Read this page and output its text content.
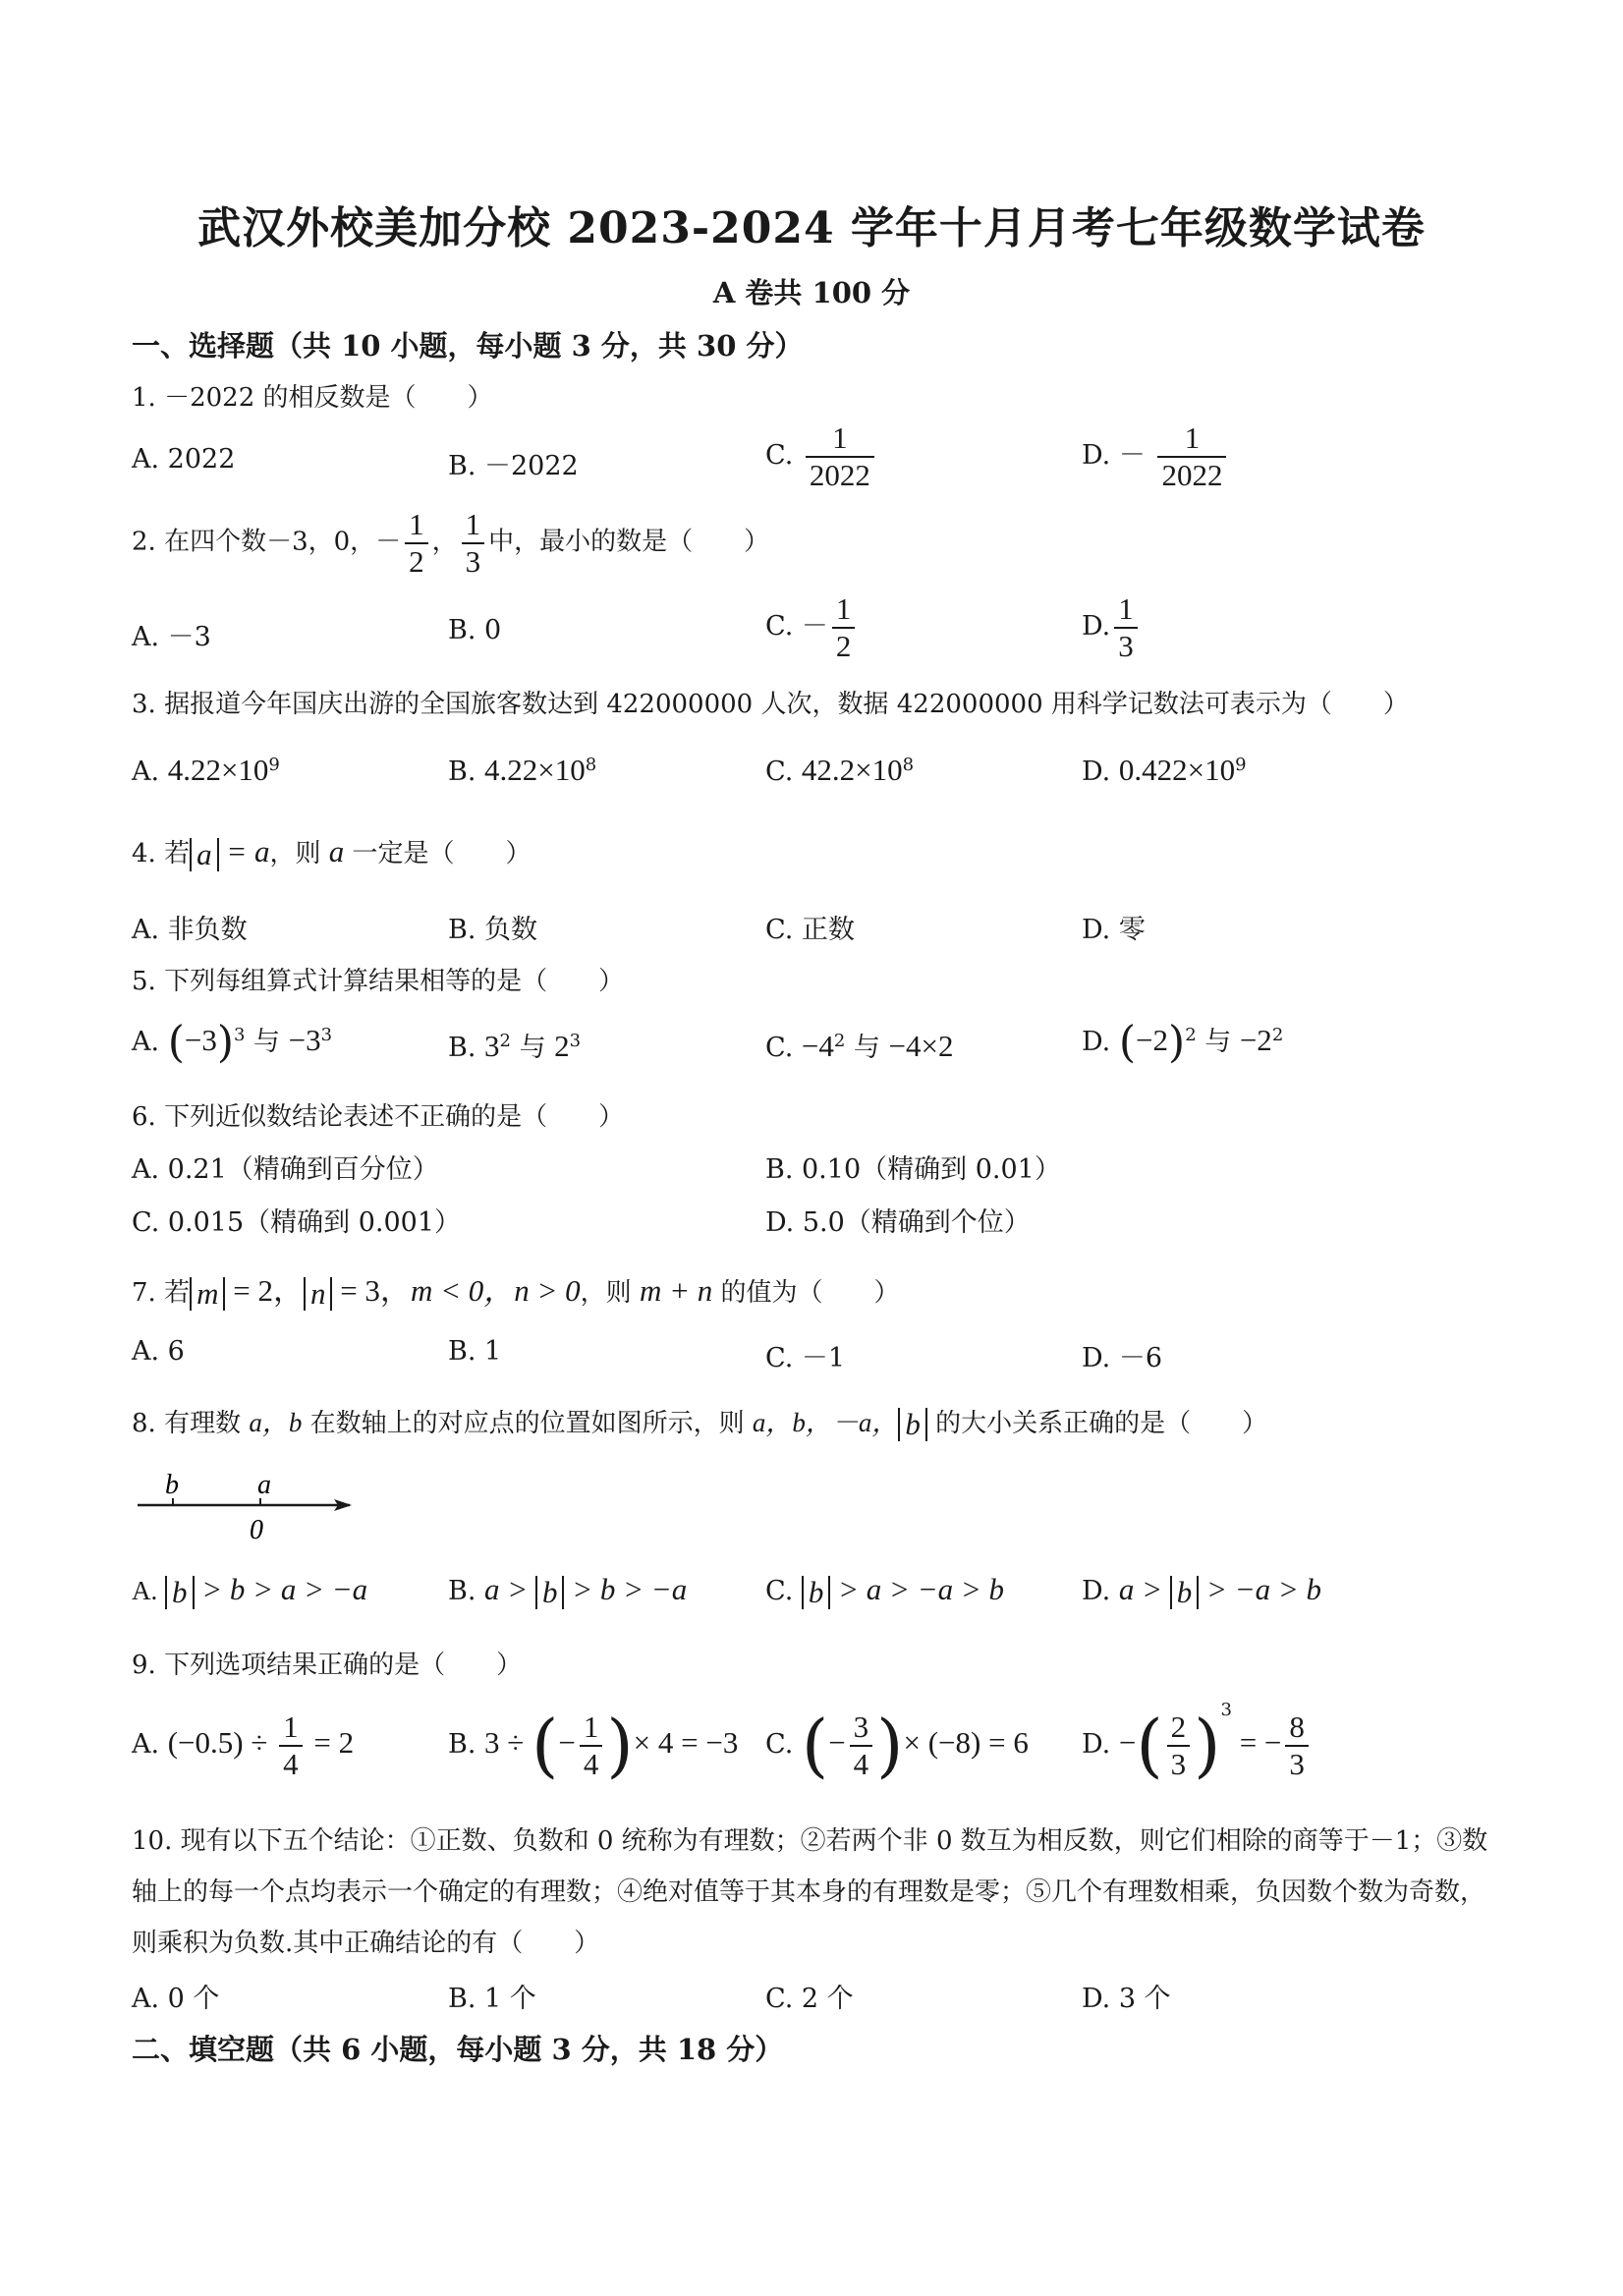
武汉外校美加分校 2023-2024 学年十月月考七年级数学试卷
A 卷共 100 分
一、选择题（共 10 小题，每小题 3 分，共 30 分）
1. －2022 的相反数是（　　）
A. 2022	B. －2022	C. $\frac{1}{2022}$	D. － $\frac{1}{2022}$
2. 在四个数－3，0，－ $\frac{1}{2}$ ， $\frac{1}{3}$ 中，最小的数是（　　）
A. －3	B. 0	C. － $\frac{1}{2}$	D. $\frac{1}{3}$
3. 据报道今年国庆出游的全国旅客数达到 422000000 人次，数据 422000000 用科学记数法可表示为（　　）
A. $4.22\times 10^9$	B. $4.22\times 10^8$	C. $42.2\times 10^8$	D. $0.422\times 10^9$
4. 若 a = a，则 a 一定是（　　）
A. 非负数	B. 负数	C. 正数	D. 零
5. 下列每组算式计算结果相等的是（　　）
A. $(-3)^3$ 与 $-3^3$	B. $3^2$ 与 $2^3$	C. $-4^2$ 与 −4×2	D. $(-2)^2$ 与 $-2^2$
6. 下列近似数结论表述不正确的是（　　）
A. 0.21（精确到百分位）	B. 0.10（精确到 0.01）
C. 0.015（精确到 0.001）	D. 5.0（精确到个位）
7. 若 m = 2， n = 3，m < 0，n > 0，则 m + n 的值为（　　）
A. 6	B. 1	C. －1	D. －6
8. 有理数 a，b 在数轴上的对应点的位置如图所示，则 a，b，－a， b 的大小关系正确的是（　　）
b	a
0
A. b > b > a > −a	B. a > b > b > −a	C. b > a > −a > b	D. a > b > −a > b
9. 下列选项结果正确的是（　　）
A. $(-0.5) \div \frac{1}{4} = 2$	B. 3 ÷ (− $\frac{1}{4}$ )× 4 = −3 C. (− $\frac{3}{4}$ )× (−8) = 6 D. −( $\frac{2}{3} )^3$ = − $\frac{8}{3}$
10. 现有以下五个结论：①正数、负数和 0 统称为有理数；②若两个非 0 数互为相反数，则它们相除的商等于－1；③数轴上的每一个点均表示一个确定的有理数；④绝对值等于其本身的有理数是零；⑤几个有理数相乘，负因数个数为奇数，则乘积为负数.其中正确结论的有（　　）
A. 0 个	B. 1 个	C. 2 个	D. 3 个
二、填空题（共 6 小题，每小题 3 分，共 18 分）
